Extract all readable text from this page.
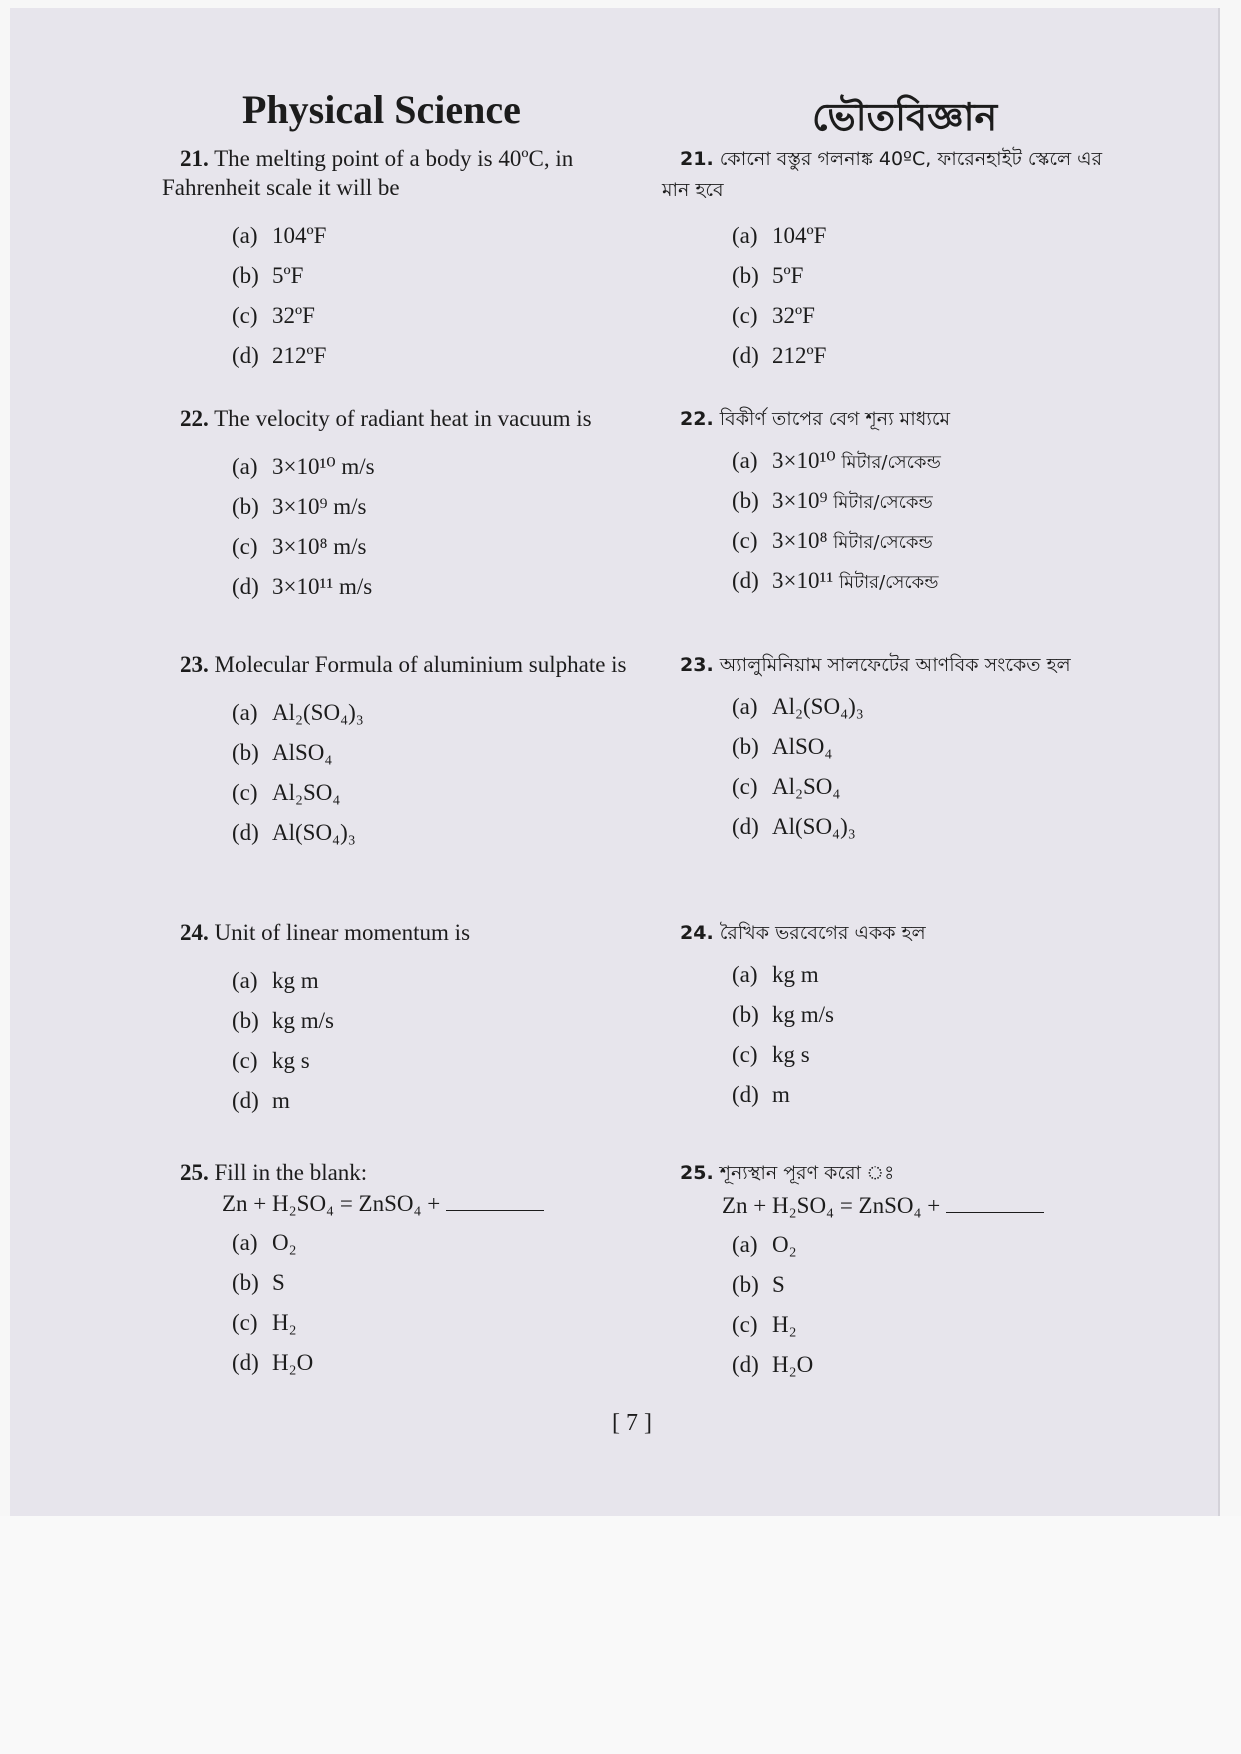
Physical Science	ভৌতবিজ্ঞান

21. The melting point of a body is 40ºC, in Fahrenheit scale it will be

(a) 104ºF
(b) 5ºF
(c) 32ºF
(d) 212ºF

22. The velocity of radiant heat in vacuum is

(a) 3×10¹⁰ m/s
(b) 3×10⁹ m/s
(c) 3×10⁸ m/s
(d) 3×10¹¹ m/s

23. Molecular Formula of aluminium sulphate is

(a) Al₂(SO₄)₃
(b) AlSO₄
(c) Al₂SO₄
(d) Al(SO₄)₃

24. Unit of linear momentum is

(a) kg m
(b) kg m/s
(c) kg s
(d) m

25. Fill in the blank:

Zn + H₂SO₄ = ZnSO₄ +

(a) O₂
(b) S
(c) H₂
(d) H₂O

21. কোনো বস্তুর গলনাঙ্ক 40ºC, ফারেনহাইট স্কেলে এর মান হবে

(a) 104ºF
(b) 5ºF
(c) 32ºF
(d) 212ºF

22. বিকীর্ণ তাপের বেগ শূন্য মাধ্যমে

(a) 3×10¹⁰ মিটার/সেকেন্ড
(b) 3×10⁹ মিটার/সেকেন্ড
(c) 3×10⁸ মিটার/সেকেন্ড
(d) 3×10¹¹ মিটার/সেকেন্ড

23. অ্যালুমিনিয়াম সালফেটের আণবিক সংকেত হল

(a) Al₂(SO₄)₃
(b) AlSO₄
(c) Al₂SO₄
(d) Al(SO₄)₃

24. রৈখিক ভরবেগের একক হল

(a) kg m
(b) kg m/s
(c) kg s
(d) m

25. শূন্যস্থান পূরণ করো ঃ

Zn + H₂SO₄ = ZnSO₄ +

(a) O₂
(b) S
(c) H₂
(d) H₂O
[ 7 ]
